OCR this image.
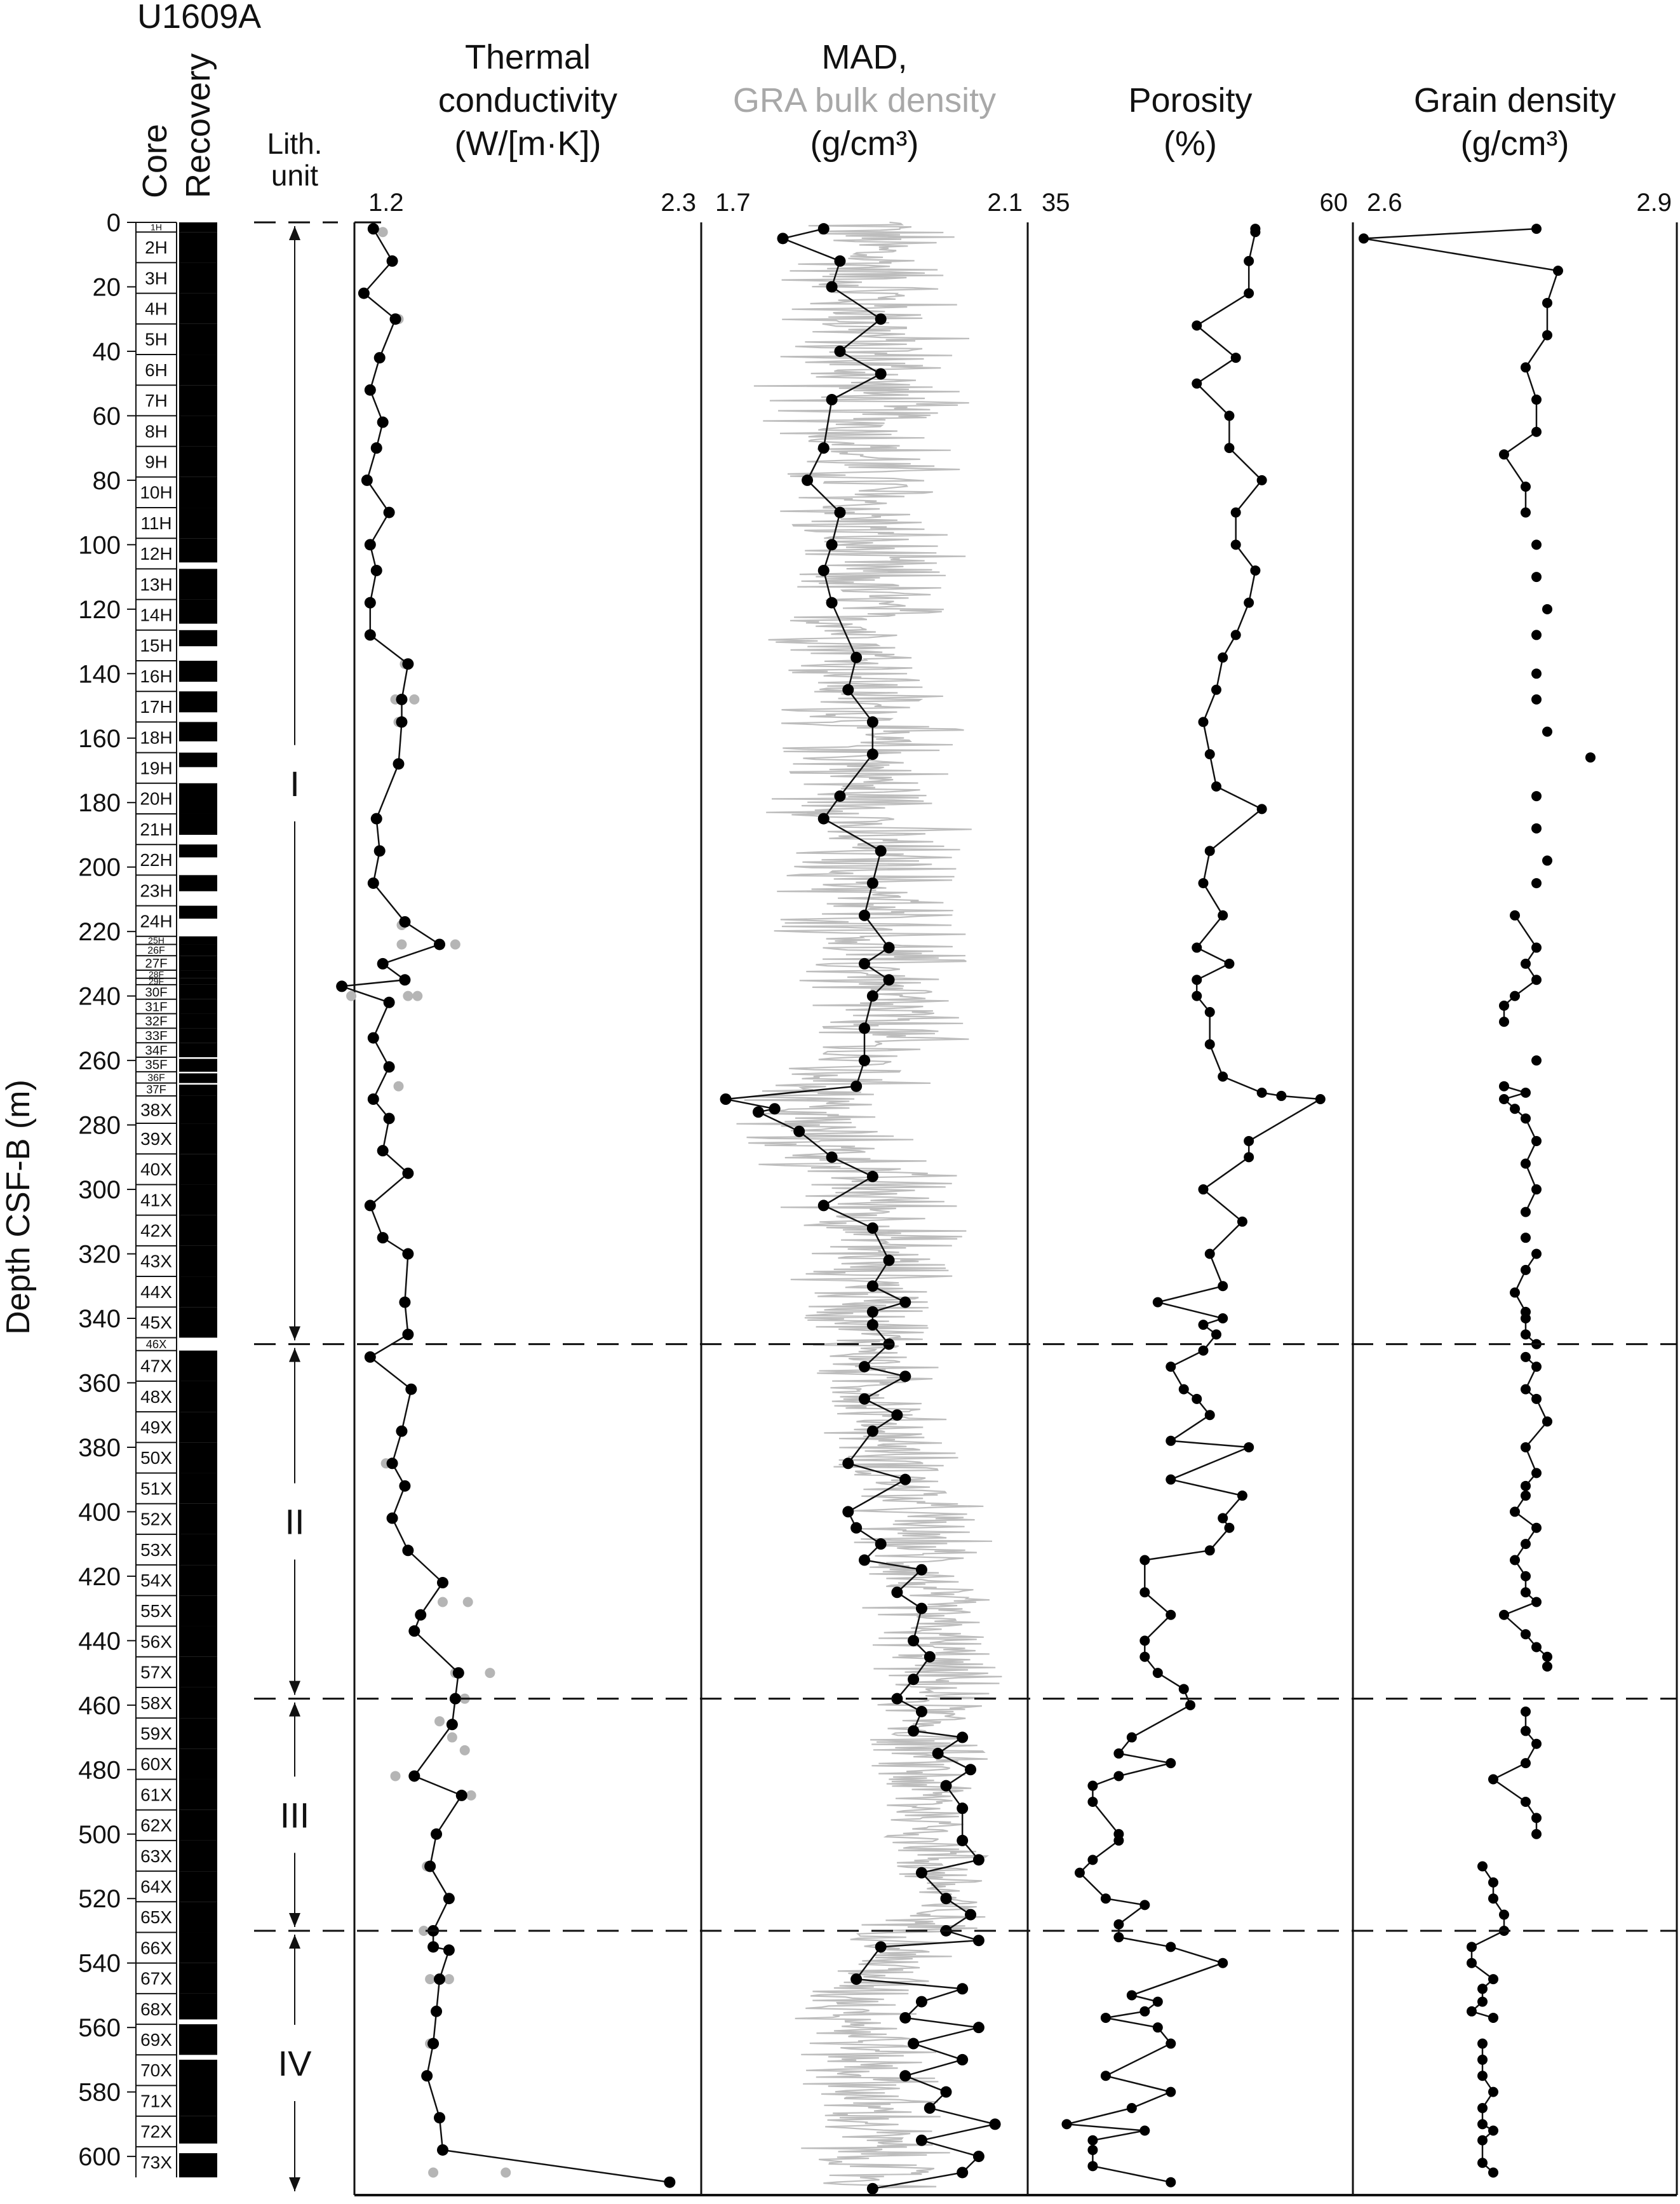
U1609A
Core Recovery Lith. unit
Depth CSF-B (m)
0
20
40
60
80
100
120
140
160
180
200
220
240
260
280
300
320
340
360
380
400
420
440
460
480
500
520
540
560
580
600
1H
2H
3H
4H
5H
6H
7H
8H
9H
10H
11H
12H
13H
14H
15H
16H
17H
18H
19H
20H
21H
22H
23H
24H
25H
26F
27F
28F
29F
30F
31F
32F
33F
34F
35F
36F
37F
38X
39X
40X
41X
42X
43X
44X
45X
46X
47X
48X
49X
50X
51X
52X
53X
54X
55X
56X
57X
58X
59X
60X
61X
62X
63X
64X
65X
66X
67X
68X
69X
70X
71X
72X
73X
I
II
III
IV
1.2	2.3
Thermal
conductivity
(W/[m·K])
1.7	2.1
MAD,
GRA bulk density
(g/cm³)
35	60
Porosity
(%)
2.6	2.9
Grain density
(g/cm³)
